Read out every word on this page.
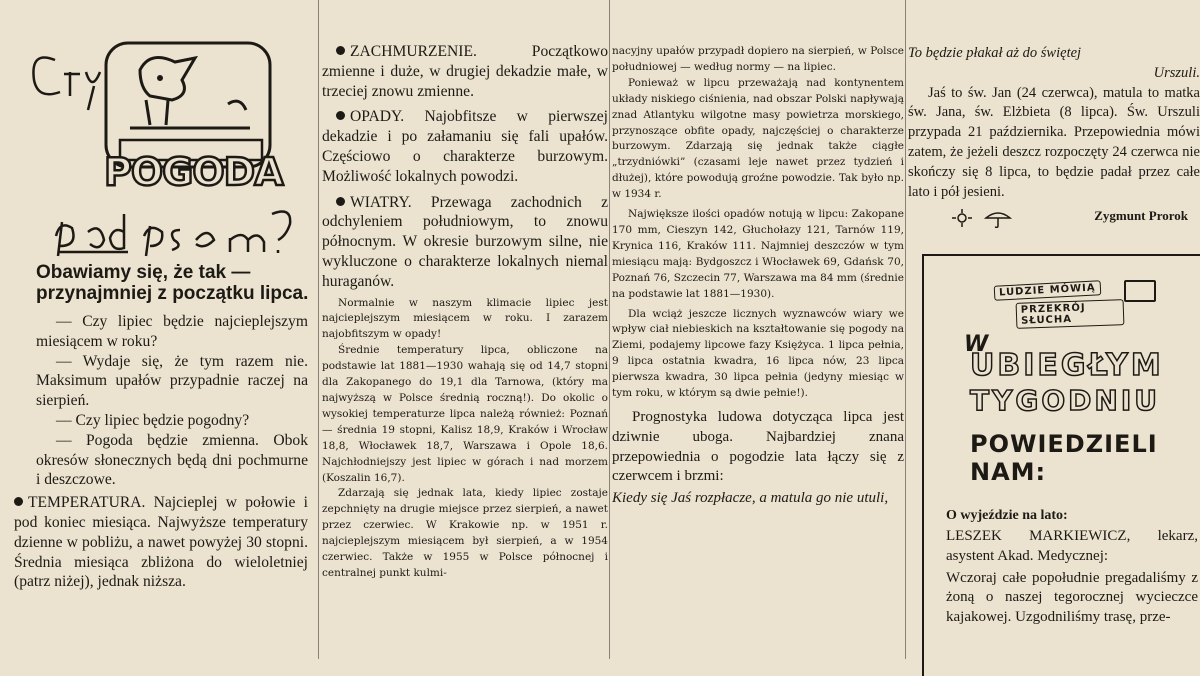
POGODA
Obawiamy się, że tak — przynajmniej z początku lipca.

— Czy lipiec będzie najcieplejszym miesiącem w roku?

— Wydaje się, że tym razem nie. Maksimum upałów przypadnie raczej na sierpień.

— Czy lipiec będzie pogodny?

— Pogoda będzie zmienna. Obok okresów słonecznych będą dni pochmurne i deszczowe.

TEMPERATURA. Najcieplej w połowie i pod koniec miesiąca. Najwyższe temperatury dzienne w pobliżu, a nawet powyżej 30 stopni. Średnia miesiąca zbliżona do wieloletniej (patrz niżej), jednak niższa.

ZACHMURZENIE. Początkowo zmienne i duże, w drugiej dekadzie małe, w trzeciej znowu zmienne.

OPADY. Najobfitsze w pierwszej dekadzie i po załamaniu się fali upałów. Częściowo o charakterze burzowym. Możliwość lokalnych powodzi.

WIATRY. Przewaga zachodnich z odchyleniem południowym, to znowu północnym. W okresie burzowym silne, nie wykluczone o charakterze lokalnych niemal huraganów.

Normalnie w naszym klimacie lipiec jest najcieplejszym miesiącem w roku. I zarazem najobfitszym w opady!

Średnie temperatury lipca, obliczone na podstawie lat 1881—1930 wahają się od 14,7 stopni dla Zakopanego do 19,1 dla Tarnowa, (który ma najwyższą w Polsce średnią roczną!). Do okolic o wysokiej temperaturze lipca należą również: Poznań — średnia 19 stopni, Kalisz 18,9, Kraków i Wrocław 18,8, Włocławek 18,7, Warszawa i Opole 18,6. Najchłodniejszy jest lipiec w górach i nad morzem (Koszalin 16,7).

Zdarzają się jednak lata, kiedy lipiec zostaje zepchnięty na drugie miejsce przez sierpień, a nawet przez czerwiec. W Krakowie np. w 1951 r. najcieplejszym miesiącem był sierpień, a w 1954 czerwiec. Także w 1955 w Polsce północnej i centralnej punkt kulmi-

nacyjny upałów przypadł dopiero na sierpień, w Polsce południowej — według normy — na lipiec.

Ponieważ w lipcu przeważają nad kontynentem układy niskiego ciśnienia, nad obszar Polski napływają znad Atlantyku wilgotne masy powietrza morskiego, przynoszące obfite opady, najczęściej o charakterze burzowym. Zdarzają się jednak także ciągłe „trzydniówki” (czasami leje nawet przez tydzień i dłużej), które powodują groźne powodzie. Tak było np. w 1934 r.

Największe ilości opadów notują w lipcu: Zakopane 170 mm, Cieszyn 142, Głuchołazy 121, Tarnów 119, Krynica 116, Kraków 111. Najmniej deszczów w tym miesiącu mają: Bydgoszcz i Włocławek 69, Gdańsk 70, Poznań 76, Szczecin 77, Warszawa ma 84 mm (średnie na podstawie lat 1881—1930).

Dla wciąż jeszcze licznych wyznawców wiary we wpływ ciał niebieskich na kształtowanie się pogody na Ziemi, podajemy lipcowe fazy Księżyca. 1 lipca pełnia, 9 lipca ostatnia kwadra, 16 lipca nów, 23 lipca pierwsza kwadra, 30 lipca pełnia (jedyny miesiąc w tym roku, w którym są dwie pełnie!).

Prognostyka ludowa dotycząca lipca jest dziwnie uboga. Najbardziej znana przepowiednia o pogodzie lata łączy się z czerwcem i brzmi:

Kiedy się Jaś rozpłacze, a matula go nie utuli,

To będzie płakał aż do świętej

Urszuli.

Jaś to św. Jan (24 czerwca), matula to matka św. Jana, św. Elżbieta (8 lipca). Św. Urszuli przypada 21 października. Przepowiednia mówi zatem, że jeżeli deszcz rozpoczęty 24 czerwca nie skończy się 8 lipca, to będzie padał przez całe lato i pół jesieni.

Zygmunt Prorok
LUDZIE MÓWIĄ PRZEKRÓJ SŁUCHA
W
UBIEGŁYM
TYGODNIU
POWIEDZIELI
NAM:

O wyjeździe na lato:

LESZEK MARKIEWICZ, lekarz, asystent Akad. Medycznej:

Wczoraj całe popołudnie pregadaliśmy z żoną o naszej tegorocznej wycieczce kajakowej. Uzgodniliśmy trasę, prze-
